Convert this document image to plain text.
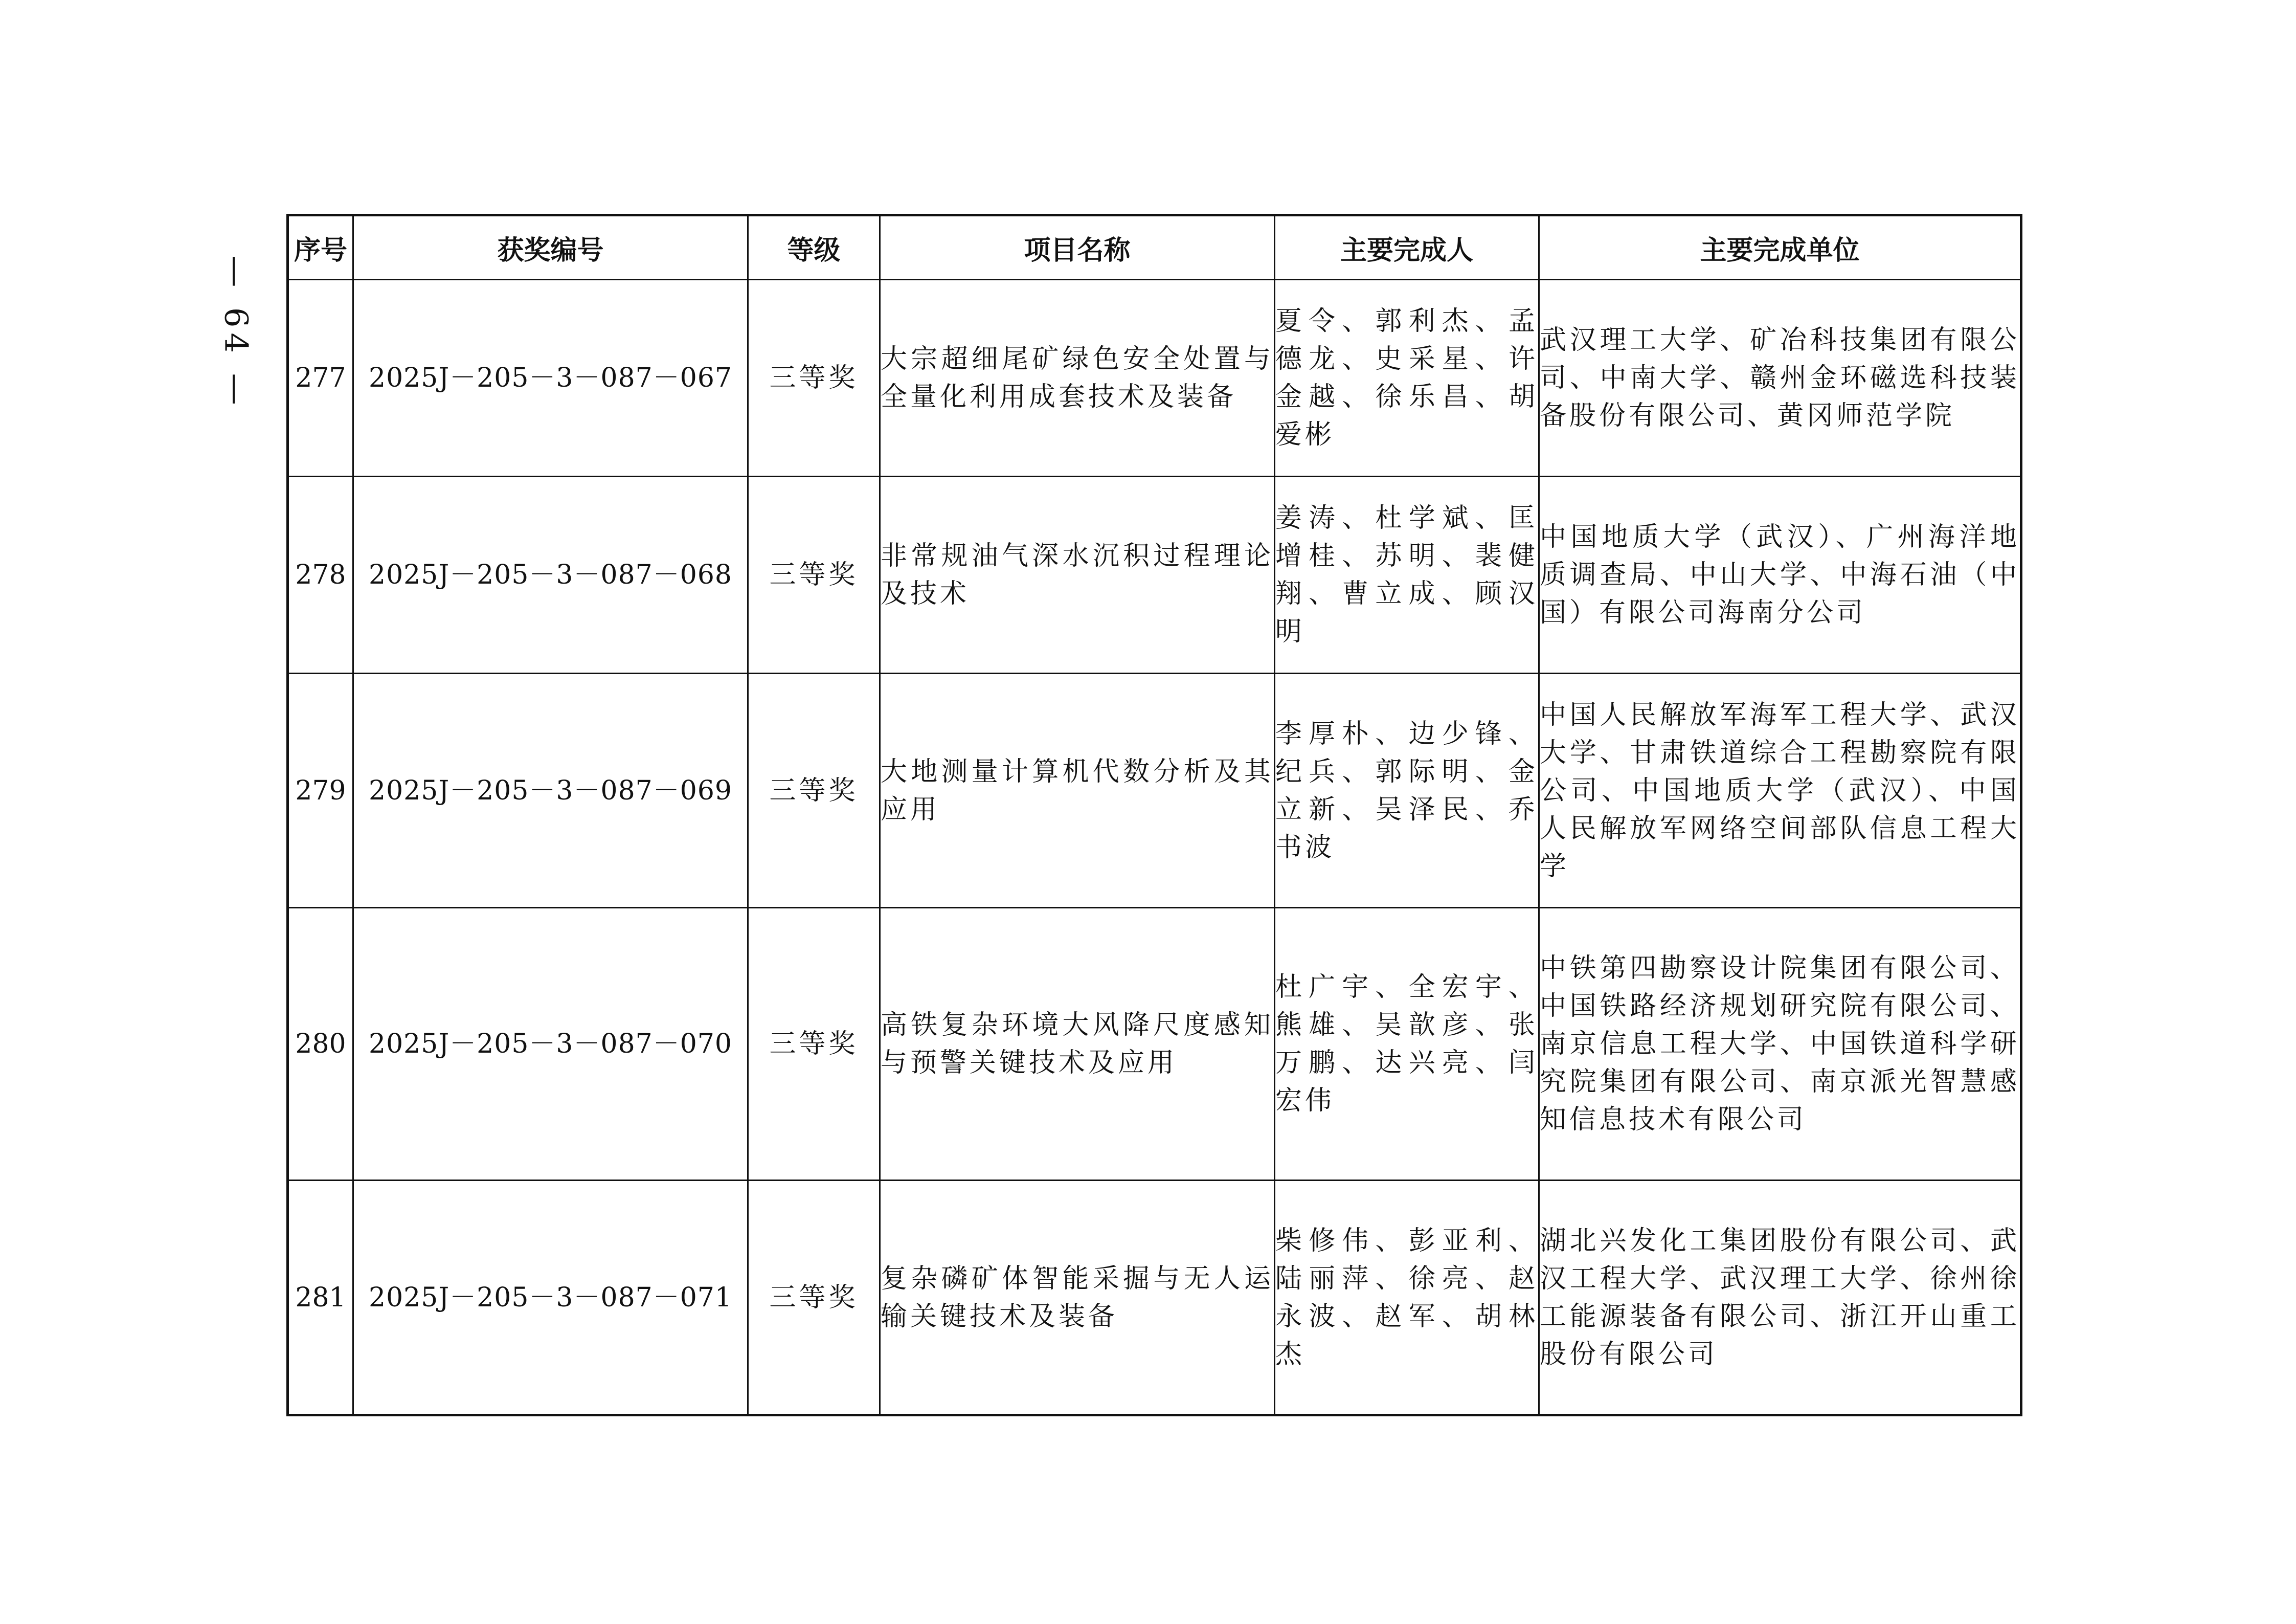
— 64 —
序号	获奖编号	等级	项目名称	主要完成人	主要完成单位
277	2025J－205－3－087－067	三等奖	大宗超细尾矿绿色安全处置与全量化利用成套技术及装备	夏令、郭利杰、孟德龙、史采星、许金越、徐乐昌、胡爱彬	武汉理工大学、矿冶科技集团有限公司、中南大学、赣州金环磁选科技装备股份有限公司、黄冈师范学院
278	2025J－205－3－087－068	三等奖	非常规油气深水沉积过程理论及技术	姜涛、杜学斌、匡增桂、苏明、裴健翔、曹立成、顾汉明	中国地质大学（武汉）、广州海洋地质调查局、中山大学、中海石油（中国）有限公司海南分公司
279	2025J－205－3－087－069	三等奖	大地测量计算机代数分析及其应用	李厚朴、边少锋、纪兵、郭际明、金立新、吴泽民、乔书波	中国人民解放军海军工程大学、武汉大学、甘肃铁道综合工程勘察院有限公司、中国地质大学（武汉）、中国人民解放军网络空间部队信息工程大学
280	2025J－205－3－087－070	三等奖	高铁复杂环境大风降尺度感知与预警关键技术及应用	杜广宇、全宏宇、熊雄、吴歆彦、张万鹏、达兴亮、闫宏伟	中铁第四勘察设计院集团有限公司、中国铁路经济规划研究院有限公司、南京信息工程大学、中国铁道科学研究院集团有限公司、南京派光智慧感知信息技术有限公司
281	2025J－205－3－087－071	三等奖	复杂磷矿体智能采掘与无人运输关键技术及装备	柴修伟、彭亚利、陆丽萍、徐亮、赵永波、赵军、胡林杰	湖北兴发化工集团股份有限公司、武汉工程大学、武汉理工大学、徐州徐工能源装备有限公司、浙江开山重工股份有限公司
